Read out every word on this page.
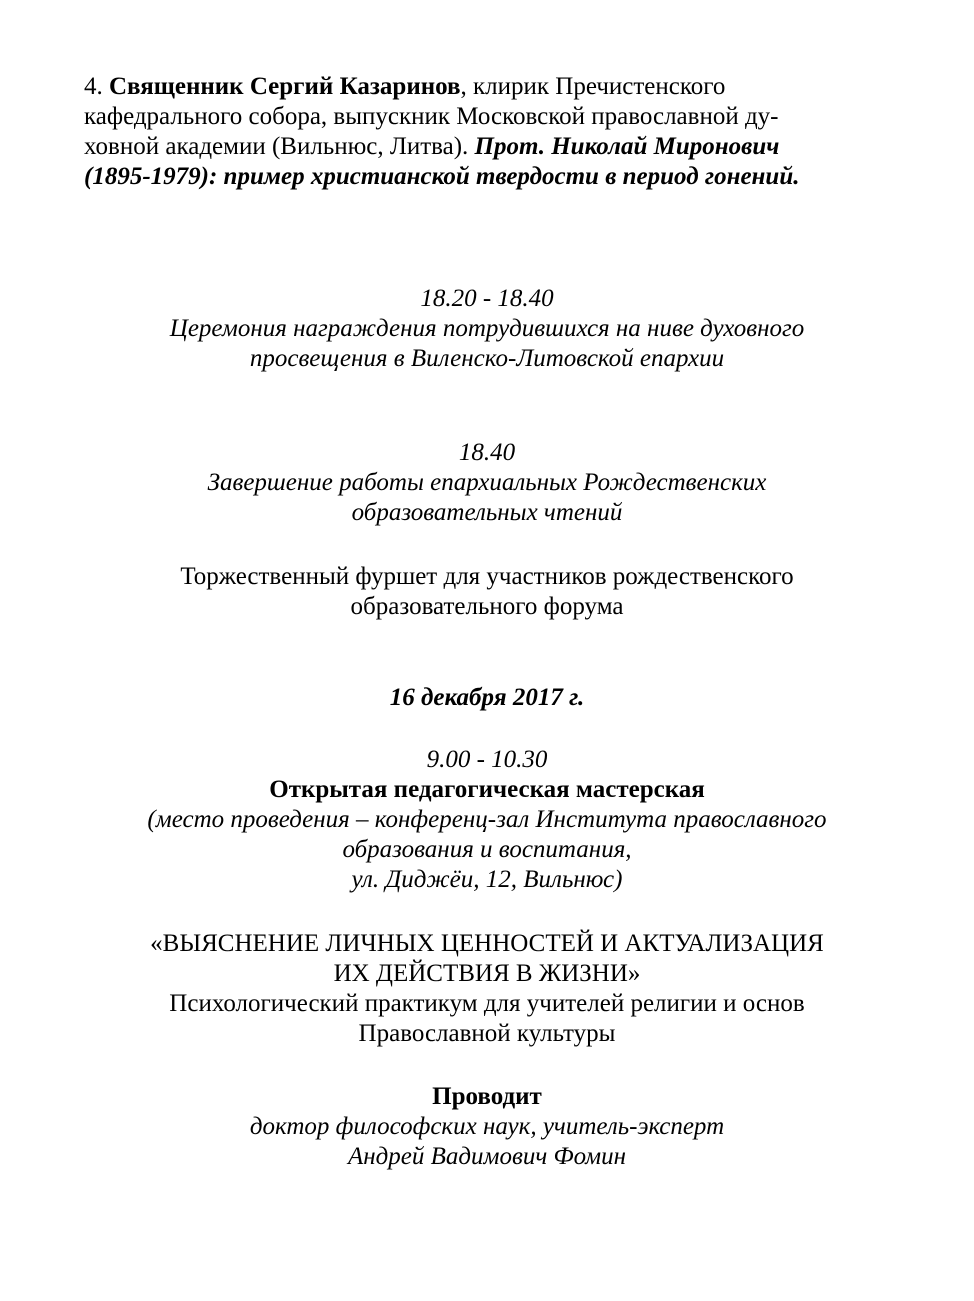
4. Священник Сергий Казаринов, клирик Пречистенского
кафедрального собора, выпускник Московской православной ду-
ховной академии (Вильнюс, Литва). Прот. Николай Миронович
(1895-1979): пример христианской твердости в период гонений.
18.20 - 18.40
Церемония награждения потрудившихся на ниве духовного
просвещения в Виленско-Литовской епархии
18.40
Завершение работы епархиальных Рождественских
образовательных чтений
Торжественный фуршет для участников рождественского
образовательного форума
16 декабря 2017 г.
9.00 - 10.30
Открытая педагогическая мастерская
(место проведения – конференц-зал Института православного
образования и воспитания,
ул. Диджёи, 12, Вильнюс)
«ВЫЯСНЕНИЕ ЛИЧНЫХ ЦЕННОСТЕЙ И АКТУАЛИЗАЦИЯ
ИХ ДЕЙСТВИЯ В ЖИЗНИ»
Психологический практикум для учителей религии и основ
Православной культуры
Проводит
доктор философских наук, учитель-эксперт
Андрей Вадимович Фомин
